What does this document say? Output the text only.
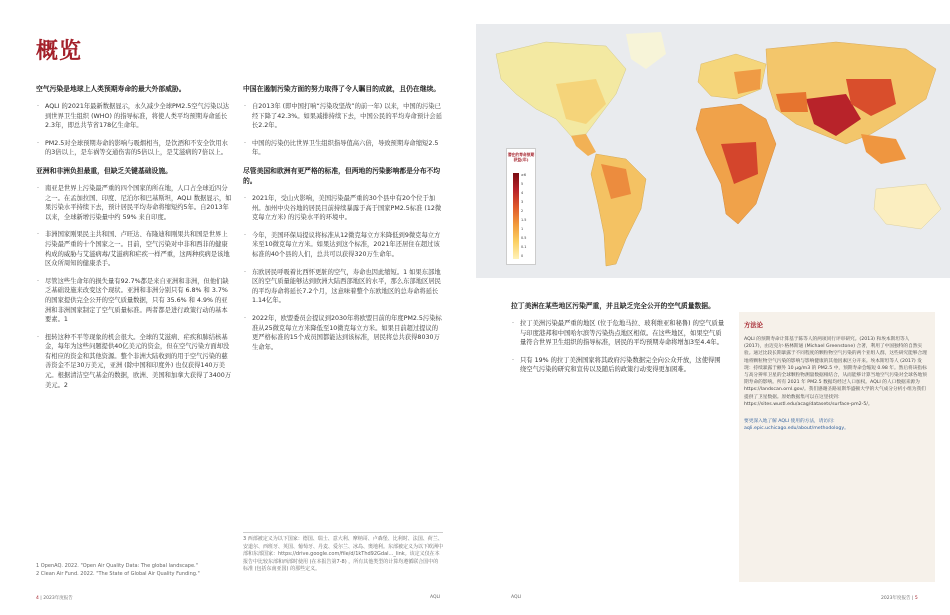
概览
空气污染是地球上人类预期寿命的最大外部威胁。
· AQLI 的2021年最新数据显示，永久减少全球PM2.5空气污染以达到世界卫生组织 (WHO) 的指导标准，将使人类平均预期寿命延长2.3年，即总共节省178亿生命年。
· PM2.5对全球预期寿命的影响与吸烟相当，是饮酒和不安全饮用水的3倍以上，是车祸等交通伤害的5倍以上，是艾滋病的7倍以上。
亚洲和非洲负担最重，但缺乏关键基础设施。
· 南亚是世界上污染最严重的四个国家的所在地，人口占全球近四分之一。在孟加拉国、印度、尼泊尔和巴基斯坦，AQLI 数据显示，如果污染水平持续下去，预计居民平均寿命将缩短约5年。自2013年以来，全球新增污染量中约 59% 来自印度。
· 非洲国家刚果民主共和国、卢旺达、布隆迪和刚果共和国是世界上污染最严重的十个国家之一。目前，空气污染对中非和西非的健康构成的威胁与艾滋病毒/艾滋病和疟疾一样严重，这两种疾病是该地区众所周知的健康杀手。
· 尽管这些生命年的损失量有92.7%都是来自亚洲和非洲，但他们缺乏基础设施来改变这个现状。亚洲和非洲分别只有 6.8% 和 3.7% 的国家提供完全公开的空气质量数据，只有 35.6% 和 4.9% 的亚洲和非洲国家制定了空气质量标准。两者都是进行政策行动的基本要素。1
· 扭转这种不平等现象的机会很大。全球的艾滋病、疟疾和肺结核基金，每年为这些问题提供40亿美元的资金，但在空气污染方面却没有相应的资金和其他资源。整个非洲大陆收到的用于空气污染的慈善资金不足30万美元，亚洲 (除中国和印度外) 也仅获得140万美元。根据清洁空气基金的数据，欧洲、美国和加拿大获得了3400万美元。2
中国在遏制污染方面的努力取得了令人瞩目的成就，且仍在继续。
· 自2013年 (即中国打响“污染攻坚战”的前一年) 以来，中国的污染已经下降了42.3%。如果减排持续下去，中国公民的平均寿命预计会延长2.2年。
· 中国的污染仍比世界卫生组织指导值高六倍，导致预期寿命缩短2.5年。
尽管美国和欧洲有更严格的标准，但两地的污染影响都是分布不均的。
· 2021年，受山火影响，美国污染最严重的30个县中有20个位于加州。加州中央谷地的居民目前持续暴露于高于国家PM2.5标准 (12微克每立方米) 的污染水平的环境中。
· 今年，美国环保局提议将标准从12微克每立方米降低到9微克每立方米至10微克每立方米。如果达到这个标准，2021年还居住在超过该标准的40个县的人们，总共可以获得320万生命年。
· 东欧居民呼吸着比西怀更脏的空气，寿命也因此缩短。1 如果东部地区的空气质量能够达到欧洲大陆西部地区的水平，那么东部地区居民的平均寿命将延长7.2个月，这意味着整个东欧地区的总寿命将延长1.14亿年。
· 2022年，欧盟委员会提议到2030年将欧盟目前的年度PM2.5污染标准从25微克每立方米降低至10微克每立方米。如果目前超过提议的更严格标准的15个成员国都能达到该标准，居民将总共获得8030万生命年。
1 OpenAQ. 2022. "Open Air Quality Data: The global landscape."
2 Clean Air Fund. 2022. "The State of Global Air Quality Funding."
3 西部被定义为以下国家：德国、瑞士、意大利、摩纳哥、卢森堡、比利时、法国、荷兰、安道尔、西班牙、英国、葡萄牙、丹麦、爱尔兰、冰岛、奥地利。东部被定义为以下欧洲中部和东部国家：https://drive.google.com/file/d/1kThd92Gdal..._link。该定义仅在本报告中比较东部和西部时使用 (在本报告第7-8) ，所有其他类型的计算均遵循联合国中的标准 (包括东南亚国) 的那些定义。
4 | 2023年度报告	AQLI
潜在的寿命预期获益(年)
≥6
5
4
3
2
1.5
1
0.5
0.1
0
拉丁美洲在某些地区污染严重，并且缺乏完全公开的空气质量数据。
· 拉丁美洲污染最严重的地区 (位于危地马拉、玻利维亚和秘鲁) 的空气质量与印度港邦和中国哈尔滨等污染热点地区相似。在这些地区，如果空气质量符合世界卫生组织的指导标准，居民的平均预期寿命将增加3至4.4年。
· 只有 19% 的拉丁美洲国家将其政府污染数据完全向公众开放，这使得围绕空气污染的研究和宣传以及随后的政策行动变得更加困难。
方法论
AQLI 的预期寿命计算基于陈等人的两项同行评审研究。(2013) 和埃本斯坦等人 (2017)，由迈克尔·格林斯通 (Michael Greenstone) 合著，利用了中国独特的自然实验。通过比较长期暴露于不同程度的颗粒物空气污染的两个亚组人群，这些研究能够合理地将颗粒物空气污染的影响与影响健康的其他因素区分开来。埃本斯坦等人 (2017) 发现：持续暴露于额外 10 μg/m3 的 PM2.5 中，预期寿命会缩短 0.98 年。然后将该指标与高分辨率卫星的全球颗粒物测量数据相结合，从而能够计算当地空气污染对全球各地预期寿命的影响。所有 2021 年 PM2.5 数据均经过人口加权。AQLI 的人口数据来源为 https://landscan.ornl.gov/。我们感谢圣路易斯华盛顿大学的大气成分分析小组为我们提供了卫星数据。原始数据集可以在这里找到：https://sites.wustl.edu/acag/datasets/surface-pm2-5/。
要更深入地了解 AQLI 使用的方法，请访问：aqli.epic.uchicago.edu/about/methodology。
AQLI	2023年度报告 | 5
